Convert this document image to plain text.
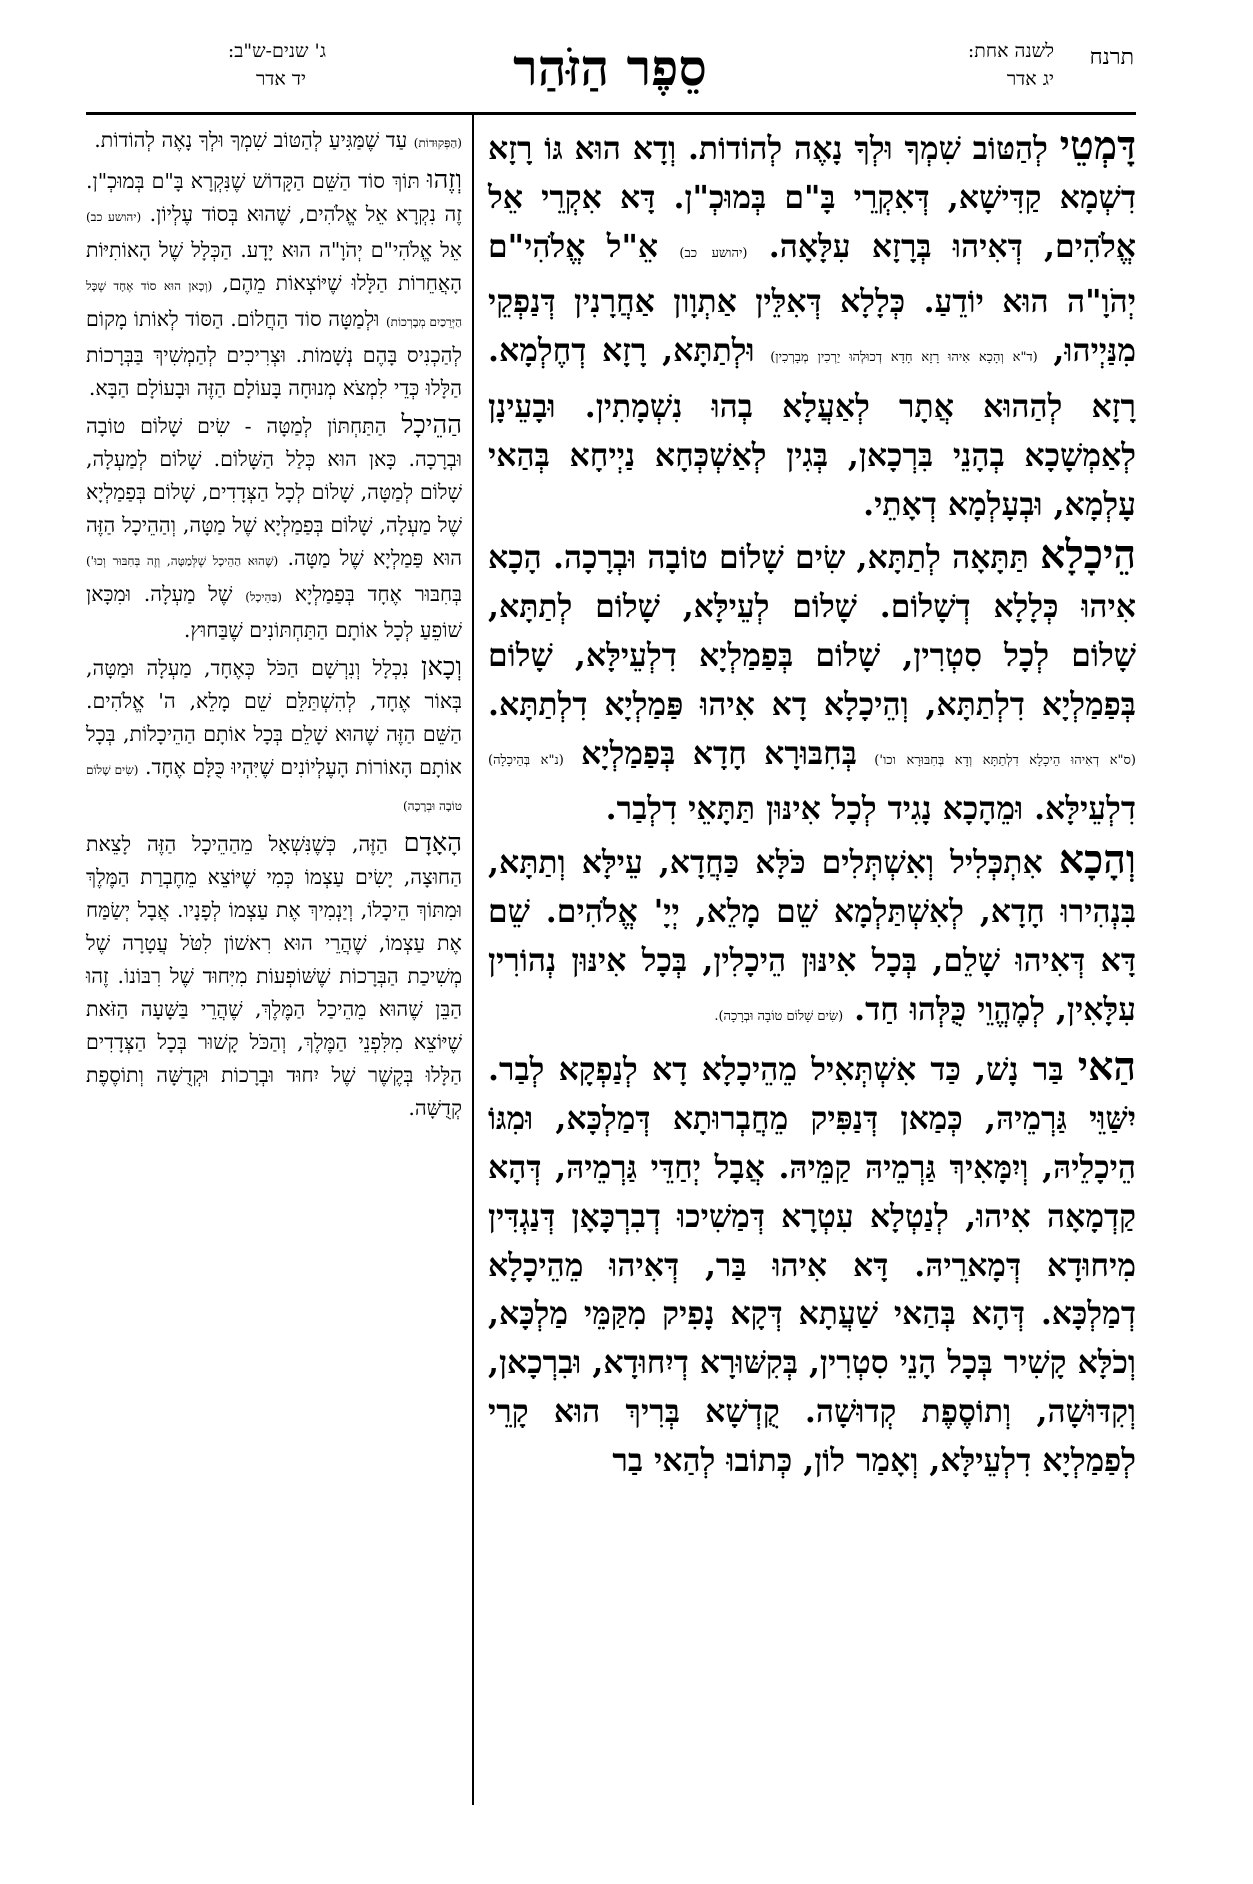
תרנח
לשנה אחת:
יג אדר
סֵפֶר הַזֹּהַר
ג' שנים-ש"ב:
יד אדר

דָּמְטֵי לְהַטּוֹב שִׁמְךָ וּלְךָ נָאֶה לְהוֹדוֹת. וְדָא הוּא גּוֹ רָזָא דִשְׁמָא קַדִּישָׁא, דְּאִקְרֵי בָּ"ם בְּמוּכְ"ן. דָּא אִקְרֵי אֵל אֱלֹהִים, דְּאִיהוּ בְּרָזָא עִלָּאָה. (יהושע כב) אֵ"ל אֱלֹהִי"ם יְהֹוָ"ה הוּא יוֹדֵעַ. כְּלָלָא דְּאִלֵּין אַתְוָון אַחֲרָנִין דְּנַפְקֵי מִנַּיְיהוּ, (ד"א וְהָכָא אִיהוּ רָזָא חָדָא דְכוּלְהוּ יַרְכִין מְבָרְכִין) וּלְתַתָּא, רָזָא דְחֶלְמָא. רָזָא לְהַהוּא אֲתָר לְאַעֲלָא בְהוּ נִשְׁמָתִין. וּבָעֵינָן לְאַמְשָׁכָא בְהָנֵי בִּרְכָאן, בְּגִין לְאַשְׁכְּחָא נַיְיחָא בְּהַאי עָלְמָא, וּבְעָלְמָא דְאָתֵי.

הֵיכָלָא תַּתָּאָה לְתַתָּא, שִׂים שָׁלוֹם טוֹבָה וּבְרָכָה. הָכָא אִיהוּ כְּלָלָא דְשָׁלוֹם. שָׁלוֹם לְעֵילָּא, שָׁלוֹם לְתַתָּא, שָׁלוֹם לְכָל סִטְרִין, שָׁלוֹם בְּפַמַלְיָא דִלְעֵילָּא, שָׁלוֹם בְּפַמַלְיָא דִלְתַתָּא, וְהֵיכָלָא דָא אִיהוּ פַּמַלְיָא דִלְתַתָּא. (ס"א דְאִיהוּ הֵיכָלָא דִלְתַתָּא וְדָא בְּחִבּוּרָא וכו') בְּחִבּוּרָא חָדָא בְּפַמַלְיָא (נ"א בְּהֵיכָלָה) דִלְעֵילָּא. וּמֵהָכָא נָגִיד לְכָל אִינּוּן תַּתָּאֵי דִלְבַר.

וְהָכָא אִתְכְּלִיל וְאִשְׁתְּלִים כֹּלָּא כַּחֲדָא, עֵילָּא וְתַתָּא, בִּנְהִירוּ חָדָא, לְאִשְׁתַּלְמָא שֵׁם מָלֵא, יְיָ' אֱלֹהִים. שֵׁם דָּא דְּאִיהוּ שָׁלֵם, בְּכָל אִינּוּן הֵיכָלִין, בְּכָל אִינּוּן נְהוֹרִין עִלָּאִין, לְמֶהֱוֵי כֻּלְּהוּ חַד. (שִׂים שָׁלוֹם טוֹבָה וּבְרָכָה).

הַאי בַּר נָשׁ, כַּד אִשְׁתְּאִיל מֵהֵיכָלָא דָא לְנַפְקָא לְבַר. יִשַּׁוֵּי גַּרְמֵיהּ, כְּמַאן דְּנַפִּיק מֵחֲבְרוּתָא דְּמַלְכָּא, וּמִגּוֹ הֵיכָלֵיהּ, וְיִמָּאִיךְ גַּרְמֵיהּ קַמֵּיהּ. אֲבָל יְחַדֵּי גַּרְמֵיהּ, דְּהָא קַדְמָאָה אִיהוּ, לְנַטְלָא עִטְרָא דְּמַשִׁיכוּ דְבִרְכָּאָן דְּנַגְדִּין מִיחוּדָא דְּמָארֵיהּ. דָּא אִיהוּ בַּר, דְּאִיהוּ מֵהֵיכָלָא דְמַלְכָּא. דְּהָא בְּהַאי שַׁעֲתָא דְּקָא נָפִיק מִקַּמֵּי מַלְכָּא, וְכֹלָּא קָשִׁיר בְּכָל הָנֵי סִטְרִין, בְּקִשּׁוּרָא דְיִחוּדָא, וּבִרְכָאן, וְקִדּוּשָׁה, וְתוֹסֶפֶת קְדוּשָׁה. קֻדְשָׁא בְּרִיךְ הוּא קָרֵי לְפַמַלְיָא דִלְעֵילָּא, וְאָמַר לוֹן, כְּתוֹבוּ לְהַאי בַר

(הַפְּקוּדוֹת) עַד שֶׁמַּגִּיעַ לְהַטּוֹב שִׁמְךָ וּלְךָ נָאֶה לְהוֹדוֹת.

וְזֶהוּ תּוֹךְ סוֹד הַשֵּׁם הַקָּדוֹשׁ שֶׁנִּקְרָא בָּ"ם בְּמוּכְ"ן. זֶה נִקְרָא אֵל אֱלֹהִים, שֶׁהוּא בְּסוֹד עֶלְיוֹן. (יהושע כב) אֵל אֱלֹהִי"ם יְהֹוָ"ה הוּא יָדָע. הַכְּלָל שֶׁל הָאוֹתִיּוֹת הָאֲחֵרוֹת הַלָּלוּ שֶׁיּוֹצְאוֹת מֵהֶם, (וְכָאן הוּא סוֹד אֶחָד שֶׁכָּל הַיְּרֵכַיִם מְבָרְכוֹת) וּלְמַטָּה סוֹד הַחֲלוֹם. הַסּוֹד לְאוֹתוֹ מָקוֹם לְהַכְנִיס בָּהֶם נְשָׁמוֹת. וּצְרִיכִים לְהַמְשִׁיךְ בַּבְּרָכוֹת הַלָּלוּ כְּדֵי לִמְצֹא מְנוּחָה בָּעוֹלָם הַזֶּה וּבָעוֹלָם הַבָּא.

הַהֵיכָל הַתַּחְתּוֹן לְמַטָּה - שִׂים שָׁלוֹם טוֹבָה וּבְרָכָה. כָּאן הוּא כְּלַל הַשָּׁלוֹם. שָׁלוֹם לְמַעְלָה, שָׁלוֹם לְמַטָּה, שָׁלוֹם לְכָל הַצְּדָדִים, שָׁלוֹם בְּפַמַלְיָא שֶׁל מַעְלָה, שָׁלוֹם בְּפַמַלְיָא שֶׁל מַטָּה, וְהַהֵיכָל הַזֶּה הוּא פַּמַלְיָא שֶׁל מַטָּה. (שֶׁהוּא הַהֵיכָל שֶׁלְּמַטָּה, וְזֶה בְּחִבּוּר וְכוּ') בְּחִבּוּר אֶחָד בְּפַמַלְיָא (בַּהֵיכָל) שֶׁל מַעְלָה. וּמִכָּאן שׁוֹפֵעַ לְכָל אוֹתָם הַתַּחְתּוֹנִים שֶׁבַּחוּץ.

וְכָאן נִכְלָל וְנִרְשָׁם הַכֹּל כְּאֶחָד, מַעְלָה וּמַטָּה, בְּאוֹר אֶחָד, לְהִשְׁתַּלֵּם שֵׁם מָלֵא, ה' אֱלֹהִים. הַשֵּׁם הַזֶּה שֶׁהוּא שָׁלֵם בְּכָל אוֹתָם הַהֵיכָלוֹת, בְּכָל אוֹתָם הָאוֹרוֹת הָעֶלְיוֹנִים שֶׁיִּהְיוּ כֻּלָּם אֶחָד. (שִׂים שָׁלוֹם טוֹבָה וּבְרָכָה)

הָאָדָם הַזֶּה, כְּשֶׁנִּשְׁאָל מֵהַהֵיכָל הַזֶּה לָצֵאת הַחוּצָה, יָשִׂים עַצְמוֹ כְּמִי שֶׁיּוֹצֵא מֵחֶבְרַת הַמֶּלֶךְ וּמִתּוֹךְ הֵיכָלוֹ, וְיַנְמִיךְ אֶת עַצְמוֹ לְפָנָיו. אֲבָל יְשַׂמַּח אֶת עַצְמוֹ, שֶׁהֲרֵי הוּא רִאשׁוֹן לִטֹּל עֲטָרָה שֶׁל מְשִׁיכַת הַבְּרָכוֹת שֶׁשּׁוֹפְעוֹת מִיִּחוּד שֶׁל רִבּוֹנוֹ. זֶהוּ הַבֵּן שֶׁהוּא מֵהֵיכַל הַמֶּלֶךְ, שֶׁהֲרֵי בַּשָּׁעָה הַזֹּאת שֶׁיּוֹצֵא מִלִּפְנֵי הַמֶּלֶךְ, וְהַכֹּל קָשׁוּר בְּכָל הַצְּדָדִים הַלָּלוּ בְּקֶשֶׁר שֶׁל יִחוּד וּבְרָכוֹת וּקְדֻשָּׁה וְתוֹסֶפֶת קְדֻשָּׁה.
